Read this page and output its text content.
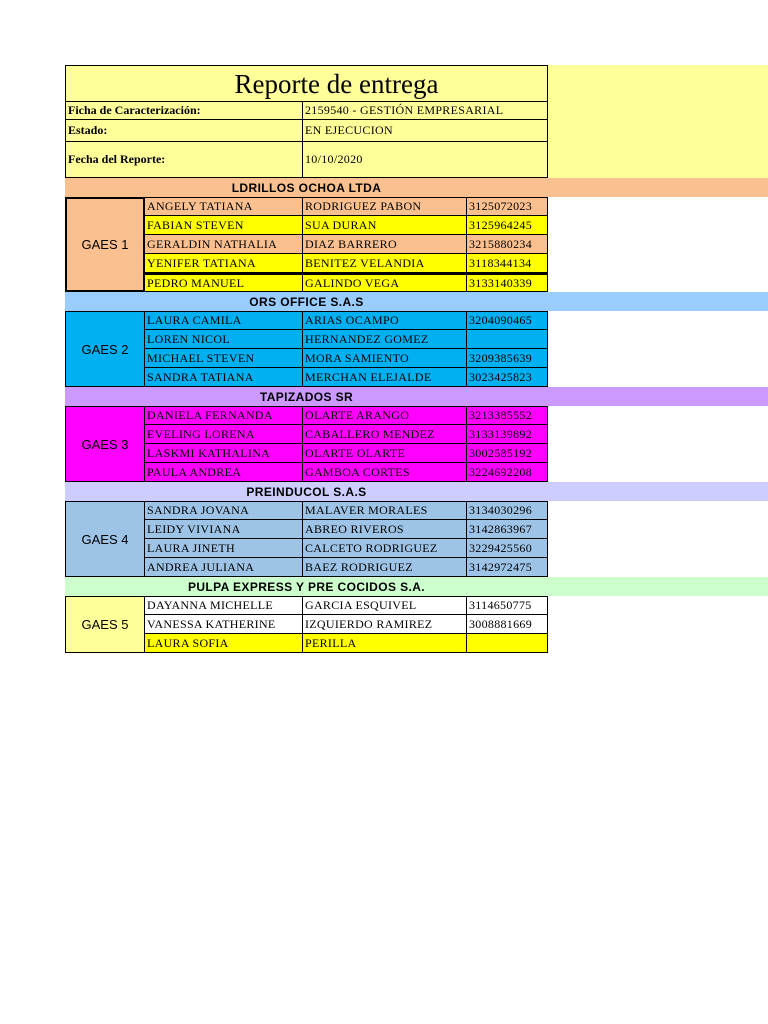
Reporte de entrega
Ficha de Caracterización:	2159540 - GESTIÓN EMPRESARIAL
Estado:	EN EJECUCION
Fecha del Reporte:	10/10/2020
LDRILLOS OCHOA LTDA
GAES 1
ANGELY TATIANA	RODRIGUEZ PABON	3125072023
FABIAN STEVEN	SUA DURAN	3125964245
GERALDIN NATHALIA	DIAZ BARRERO	3215880234
YENIFER TATIANA	BENITEZ VELANDIA	3118344134
PEDRO MANUEL	GALINDO VEGA	3133140339
ORS OFFICE S.A.S
GAES 2
LAURA CAMILA	ARIAS OCAMPO	3204090465
LOREN NICOL	HERNANDEZ GOMEZ
MICHAEL STEVEN	MORA SAMIENTO	3209385639
SANDRA TATIANA	MERCHAN ELEJALDE	3023425823
TAPIZADOS SR
GAES 3
DANIELA FERNANDA	OLARTE ARANGO	3213385552
EVELING LORENA	CABALLERO MENDEZ	3133139892
LASKMI KATHALINA	OLARTE OLARTE	3002585192
PAULA ANDREA	GAMBOA CORTES	3224692208
PREINDUCOL S.A.S
GAES 4
SANDRA JOVANA	MALAVER MORALES	3134030296
LEIDY VIVIANA	ABREO RIVEROS	3142863967
LAURA JINETH	CALCETO RODRIGUEZ	3229425560
ANDREA JULIANA	BAEZ RODRIGUEZ	3142972475
PULPA EXPRESS Y PRE COCIDOS S.A.
GAES 5
DAYANNA MICHELLE	GARCIA ESQUIVEL	3114650775
VANESSA KATHERINE	IZQUIERDO RAMIREZ	3008881669
LAURA SOFIA	PERILLA
